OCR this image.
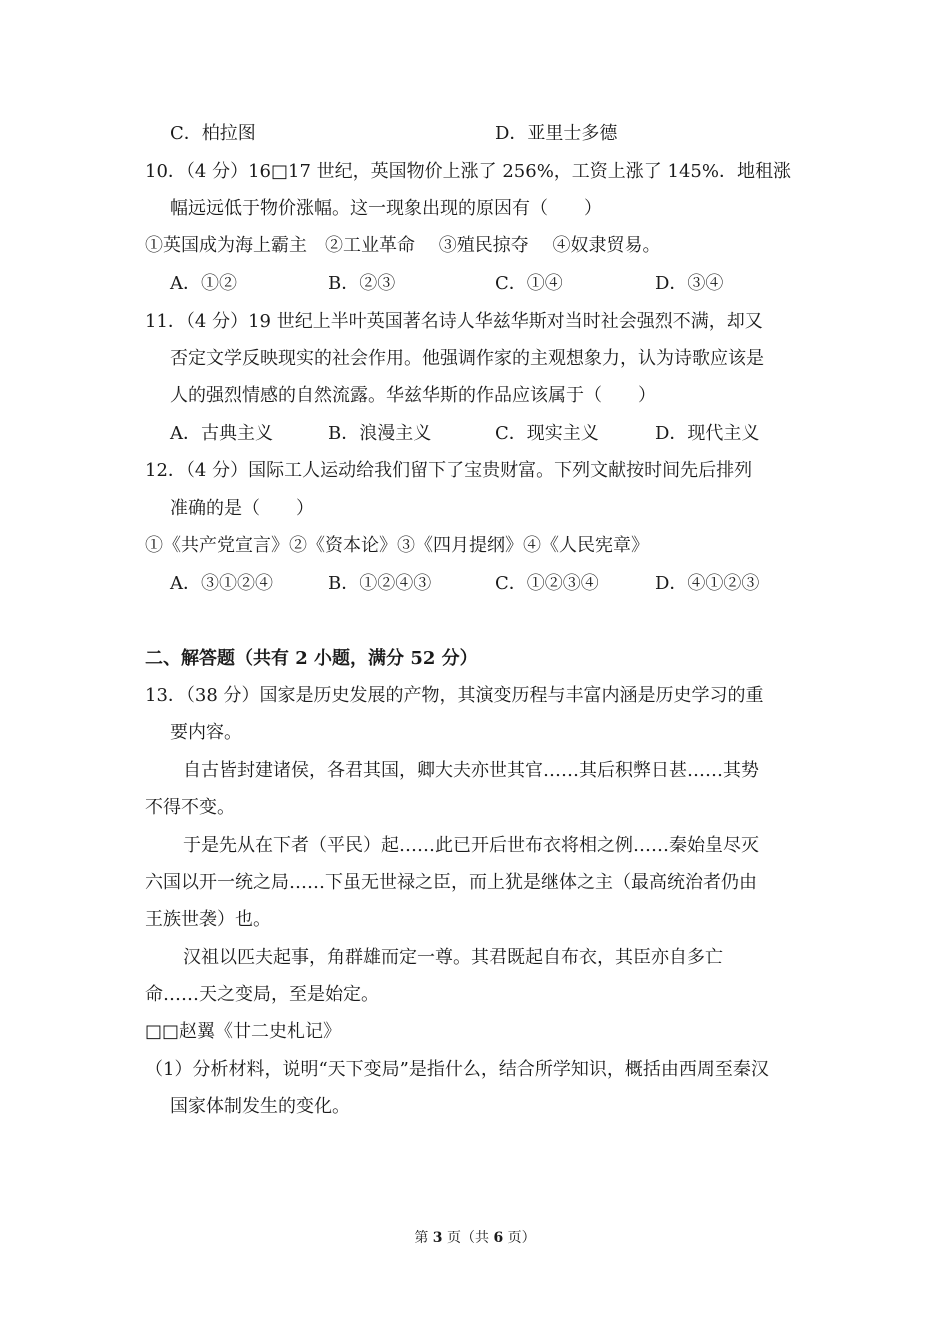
C．柏拉图	D．亚里士多德
10．（4 分）16□17 世纪，英国物价上涨了 256%，工资上涨了 145%．地租涨
幅远远低于物价涨幅。这一现象出现的原因有（　　）
①英国成为海上霸主　②工业革命　 ③殖民掠夺　 ④奴隶贸易。
A．①②	B．②③	C．①④	D．③④
11．（4 分）19 世纪上半叶英国著名诗人华兹华斯对当时社会强烈不满，却又
否定文学反映现实的社会作用。他强调作家的主观想象力，认为诗歌应该是
人的强烈情感的自然流露。华兹华斯的作品应该属于（　　）
A．古典主义	B．浪漫主义	C．现实主义	D．现代主义
12．（4 分）国际工人运动给我们留下了宝贵财富。下列文献按时间先后排列
准确的是（　　）
①《共产党宣言》②《资本论》③《四月提纲》④《人民宪章》
A．③①②④	B．①②④③	C．①②③④	D．④①②③
二、解答题（共有 2 小题，满分 52 分）
13．（38 分）国家是历史发展的产物，其演变历程与丰富内涵是历史学习的重
要内容。
自古皆封建诸侯，各君其国，卿大夫亦世其官……其后积弊日甚……其势
不得不变。
于是先从在下者（平民）起……此已开后世布衣将相之例……秦始皇尽灭
六国以开一统之局……下虽无世禄之臣，而上犹是继体之主（最高统治者仍由
王族世袭）也。
汉祖以匹夫起事，角群雄而定一尊。其君既起自布衣，其臣亦自多亡
命……天之变局，至是始定。
□□赵翼《廿二史札记》
（1）分析材料，说明“天下变局”是指什么，结合所学知识，概括由西周至秦汉
国家体制发生的变化。
第 3 页（共 6 页）
